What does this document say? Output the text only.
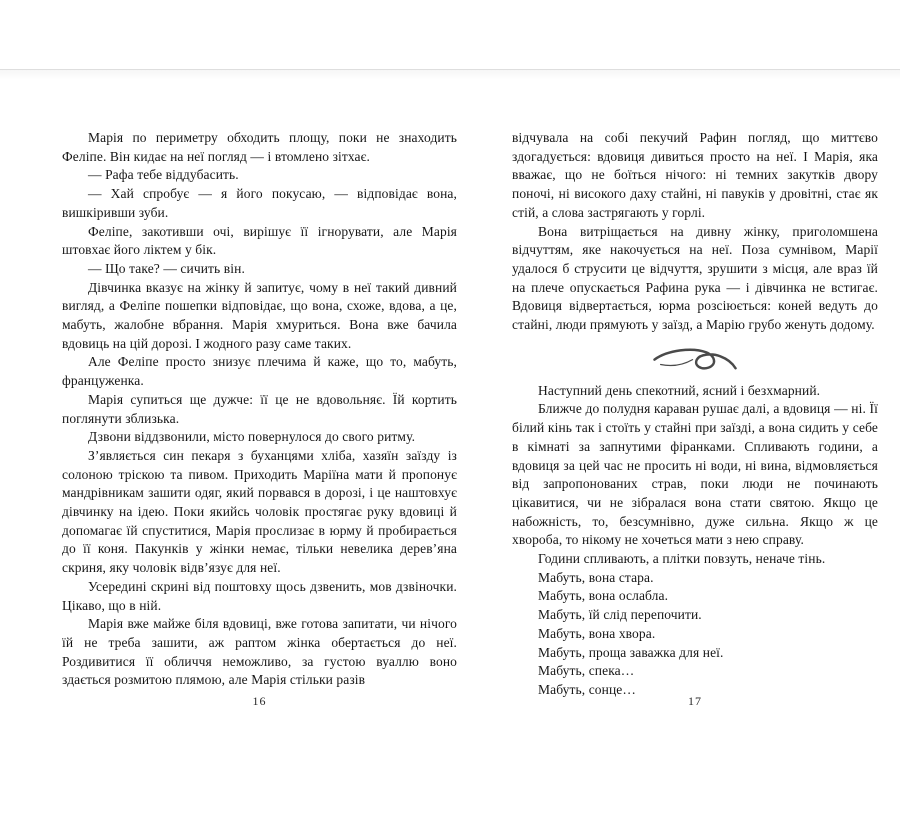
Марія по периметру обходить площу, поки не знаходить Феліпе. Він кидає на неї погляд — і втомлено зітхає.

— Рафа тебе віддубасить.

— Хай спробує — я його покусаю, — відповідає вона, вишкіривши зуби.

Феліпе, закотивши очі, вирішує її ігнорувати, але Марія штовхає його ліктем у бік.

— Що таке? — сичить він.

Дівчинка вказує на жінку й запитує, чому в неї такий дивний вигляд, а Феліпе пошепки відповідає, що вона, схоже, вдова, а це, мабуть, жалобне вбрання. Марія хмуриться. Вона вже бачила вдовиць на цій дорозі. І жодного разу саме таких.

Але Феліпе просто знизує плечима й каже, що то, мабуть, француженка.

Марія супиться ще дужче: її це не вдовольняє. Їй кортить поглянути зблизька.

Дзвони віддзвонили, місто повернулося до свого ритму.

З’являється син пекаря з буханцями хліба, хазяїн заїзду із солоною тріскою та пивом. Приходить Маріїна мати й пропонує мандрівникам зашити одяг, який порвався в дорозі, і це наштовхує дівчинку на ідею. Поки якийсь чоловік простягає руку вдовиці й допомагає їй спуститися, Марія прослизає в юрму й пробирається до її коня. Пакунків у жінки немає, тільки невелика дерев’яна скриня, яку чоловік відв’язує для неї.

Усередині скрині від поштовху щось дзвенить, мов дзвіночки. Цікаво, що в ній.

Марія вже майже біля вдовиці, вже готова запитати, чи нічого їй не треба зашити, аж раптом жінка обертається до неї. Роздивитися її обличчя неможливо, за густою вуаллю воно здається розмитою плямою, але Марія стільки разів

відчувала на собі пекучий Рафин погляд, що миттєво здогадується: вдовиця дивиться просто на неї. І Марія, яка вважає, що не боїться нічого: ні темних закутків двору поночі, ні високого даху стайні, ні павуків у дровітні, стає як стій, а слова застрягають у горлі.

Вона витріщається на дивну жінку, приголомшена відчуттям, яке накочується на неї. Поза сумнівом, Марії удалося б струсити це відчуття, зрушити з місця, але враз їй на плече опускається Рафина рука — і дівчинка не встигає. Вдовиця відвертається, юрма розсіюється: коней ведуть до стайні, люди прямують у заїзд, а Марію грубо женуть додому.

Наступний день спекотний, ясний і безхмарний.

Ближче до полудня караван рушає далі, а вдовиця — ні. Її білий кінь так і стоїть у стайні при заїзді, а вона сидить у себе в кімнаті за запнутими фіранками. Спливають години, а вдовиця за цей час не просить ні води, ні вина, відмовляється від запропонованих страв, поки люди не починають цікавитися, чи не зібралася вона стати святою. Якщо це набожність, то, безсумнівно, дуже сильна. Якщо ж це хвороба, то нікому не хочеться мати з нею справу.

Години спливають, а плітки повзуть, неначе тінь.

Мабуть, вона стара.

Мабуть, вона ослабла.

Мабуть, їй слід перепочити.

Мабуть, вона хвора.

Мабуть, проща заважка для неї.

Мабуть, спека…

Мабуть, сонце…

16	17
